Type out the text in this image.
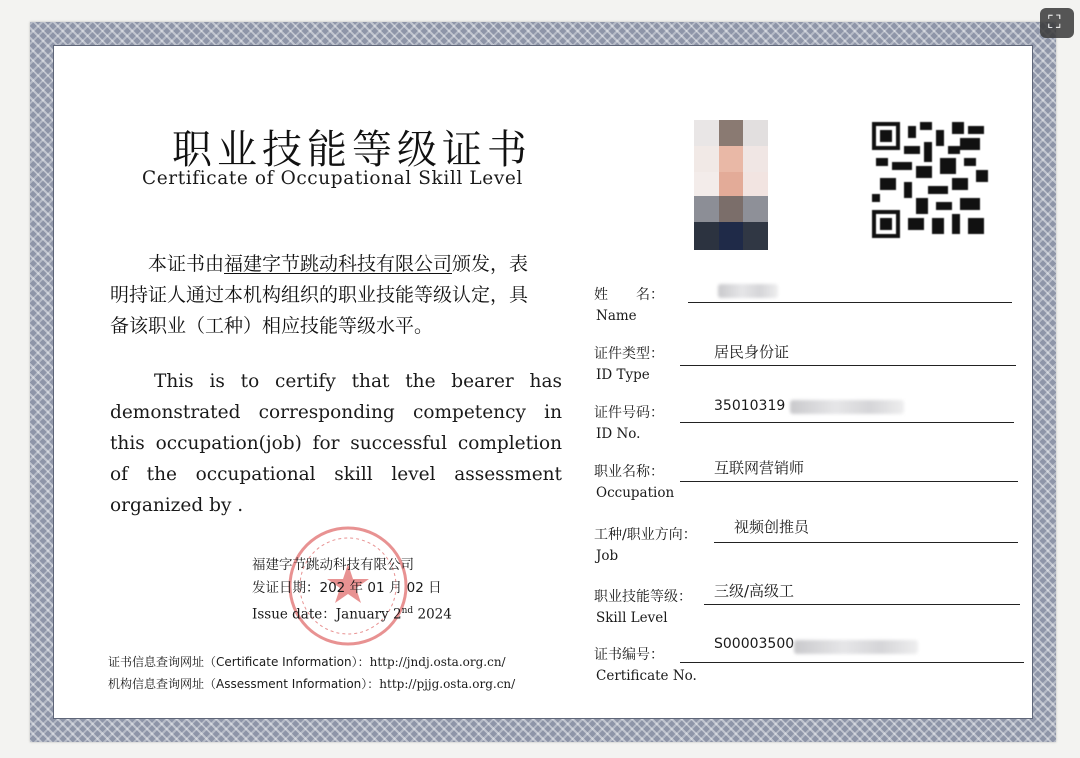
职业技能等级证书
Certificate of Occupational Skill Level
本证书由福建字节跳动科技有限公司颁发，表明持证人通过本机构组织的职业技能等级认定，具备该职业（工种）相应技能等级水平。
This is to certify that the bearer has demonstrated corresponding competency in this occupation(job) for successful completion of the occupational skill level assessment organized by .
福建字节跳动科技有限公司
发证日期：202 年 01 月 02 日
Issue date：January 2nd 2024
证书信息查询网址（Certificate Information）：http://jndj.osta.org.cn/
机构信息查询网址（Assessment Information）：http://pjjg.osta.org.cn/
姓　　名：
Name
证件类型：
ID Type
居民身份证
证件号码：
ID No.
35010319
职业名称：
Occupation
互联网营销师
工种/职业方向：
Job
视频创推员
职业技能等级：
Skill Level
三级/高级工
证书编号：
Certificate No.
S00003500
⛶
